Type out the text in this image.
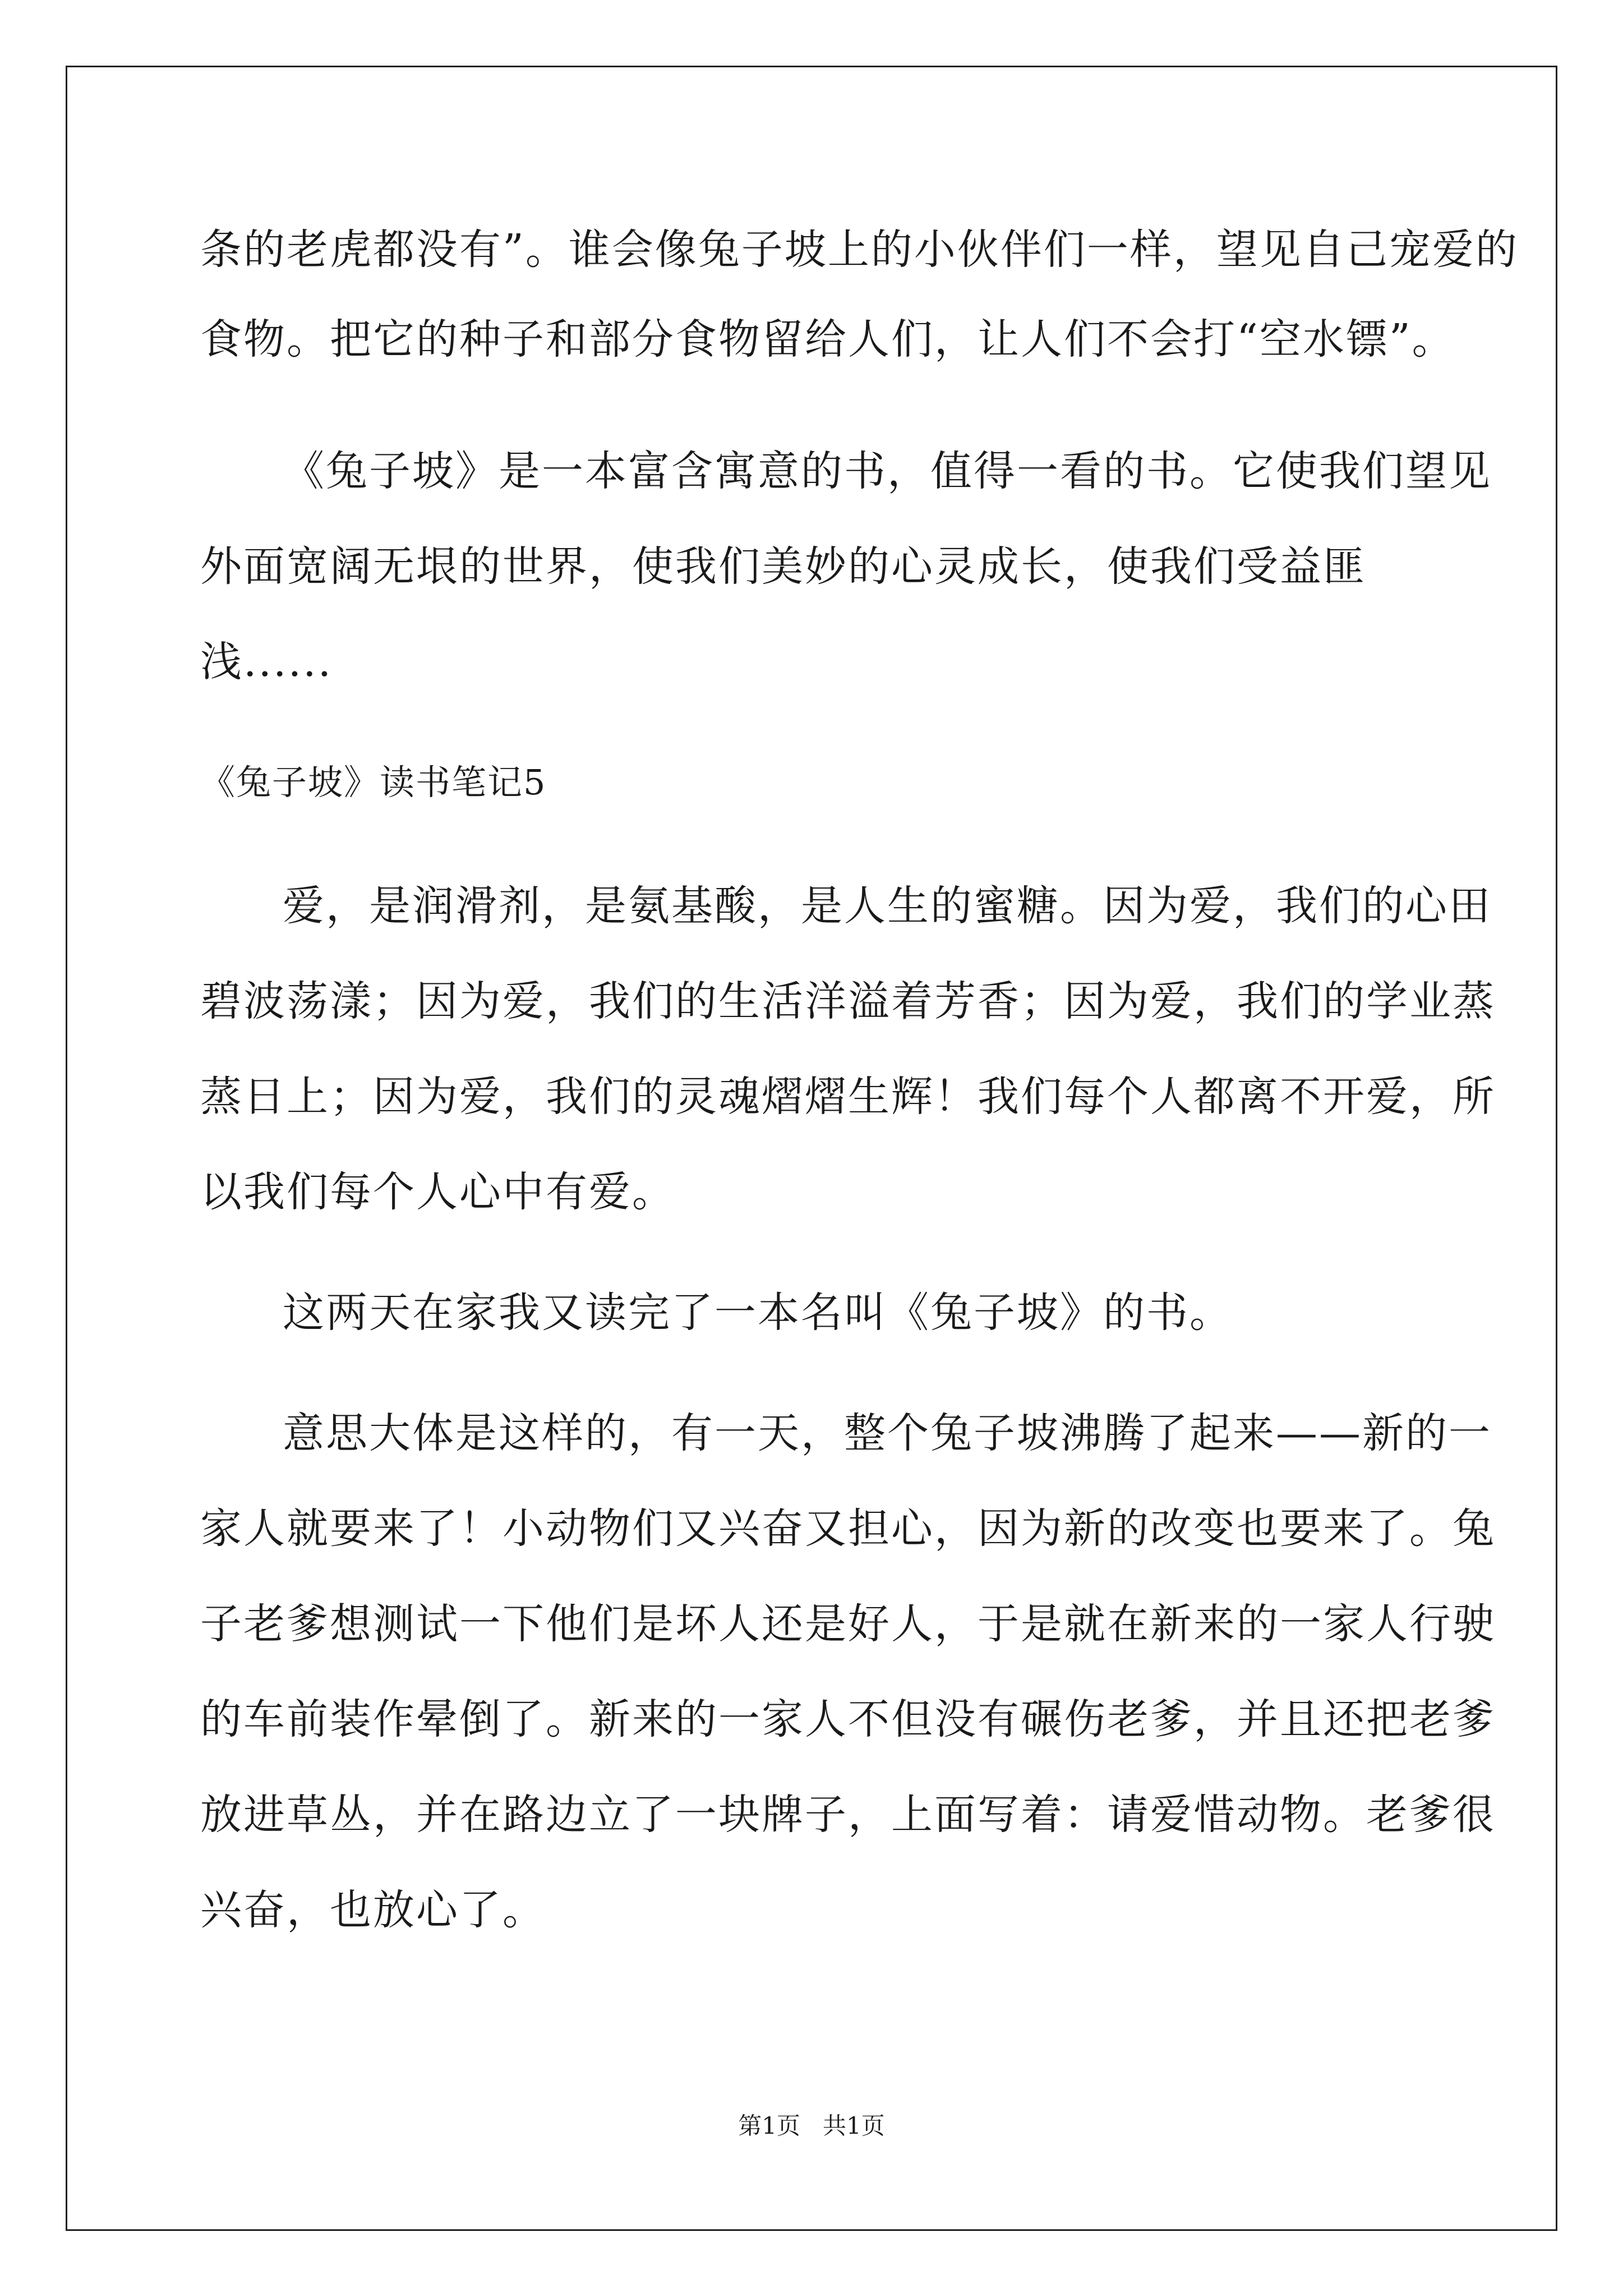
条的老虎都没有”。谁会像兔子坡上的小伙伴们一样，望见自己宠爱的
食物。把它的种子和部分食物留给人们，让人们不会打“空水镖”。
《兔子坡》是一本富含寓意的书，值得一看的书。它使我们望见
外面宽阔无垠的世界，使我们美妙的心灵成长，使我们受益匪
浅......
《兔子坡》读书笔记5
爱，是润滑剂，是氨基酸，是人生的蜜糖。因为爱，我们的心田
碧波荡漾；因为爱，我们的生活洋溢着芳香；因为爱，我们的学业蒸
蒸日上；因为爱，我们的灵魂熠熠生辉！我们每个人都离不开爱，所
以我们每个人心中有爱。
这两天在家我又读完了一本名叫《兔子坡》的书。
意思大体是这样的，有一天，整个兔子坡沸腾了起来——新的一
家人就要来了！小动物们又兴奋又担心，因为新的改变也要来了。兔
子老爹想测试一下他们是坏人还是好人，于是就在新来的一家人行驶
的车前装作晕倒了。新来的一家人不但没有碾伤老爹，并且还把老爹
放进草丛，并在路边立了一块牌子，上面写着：请爱惜动物。老爹很
兴奋，也放心了。
第1页   共1页
